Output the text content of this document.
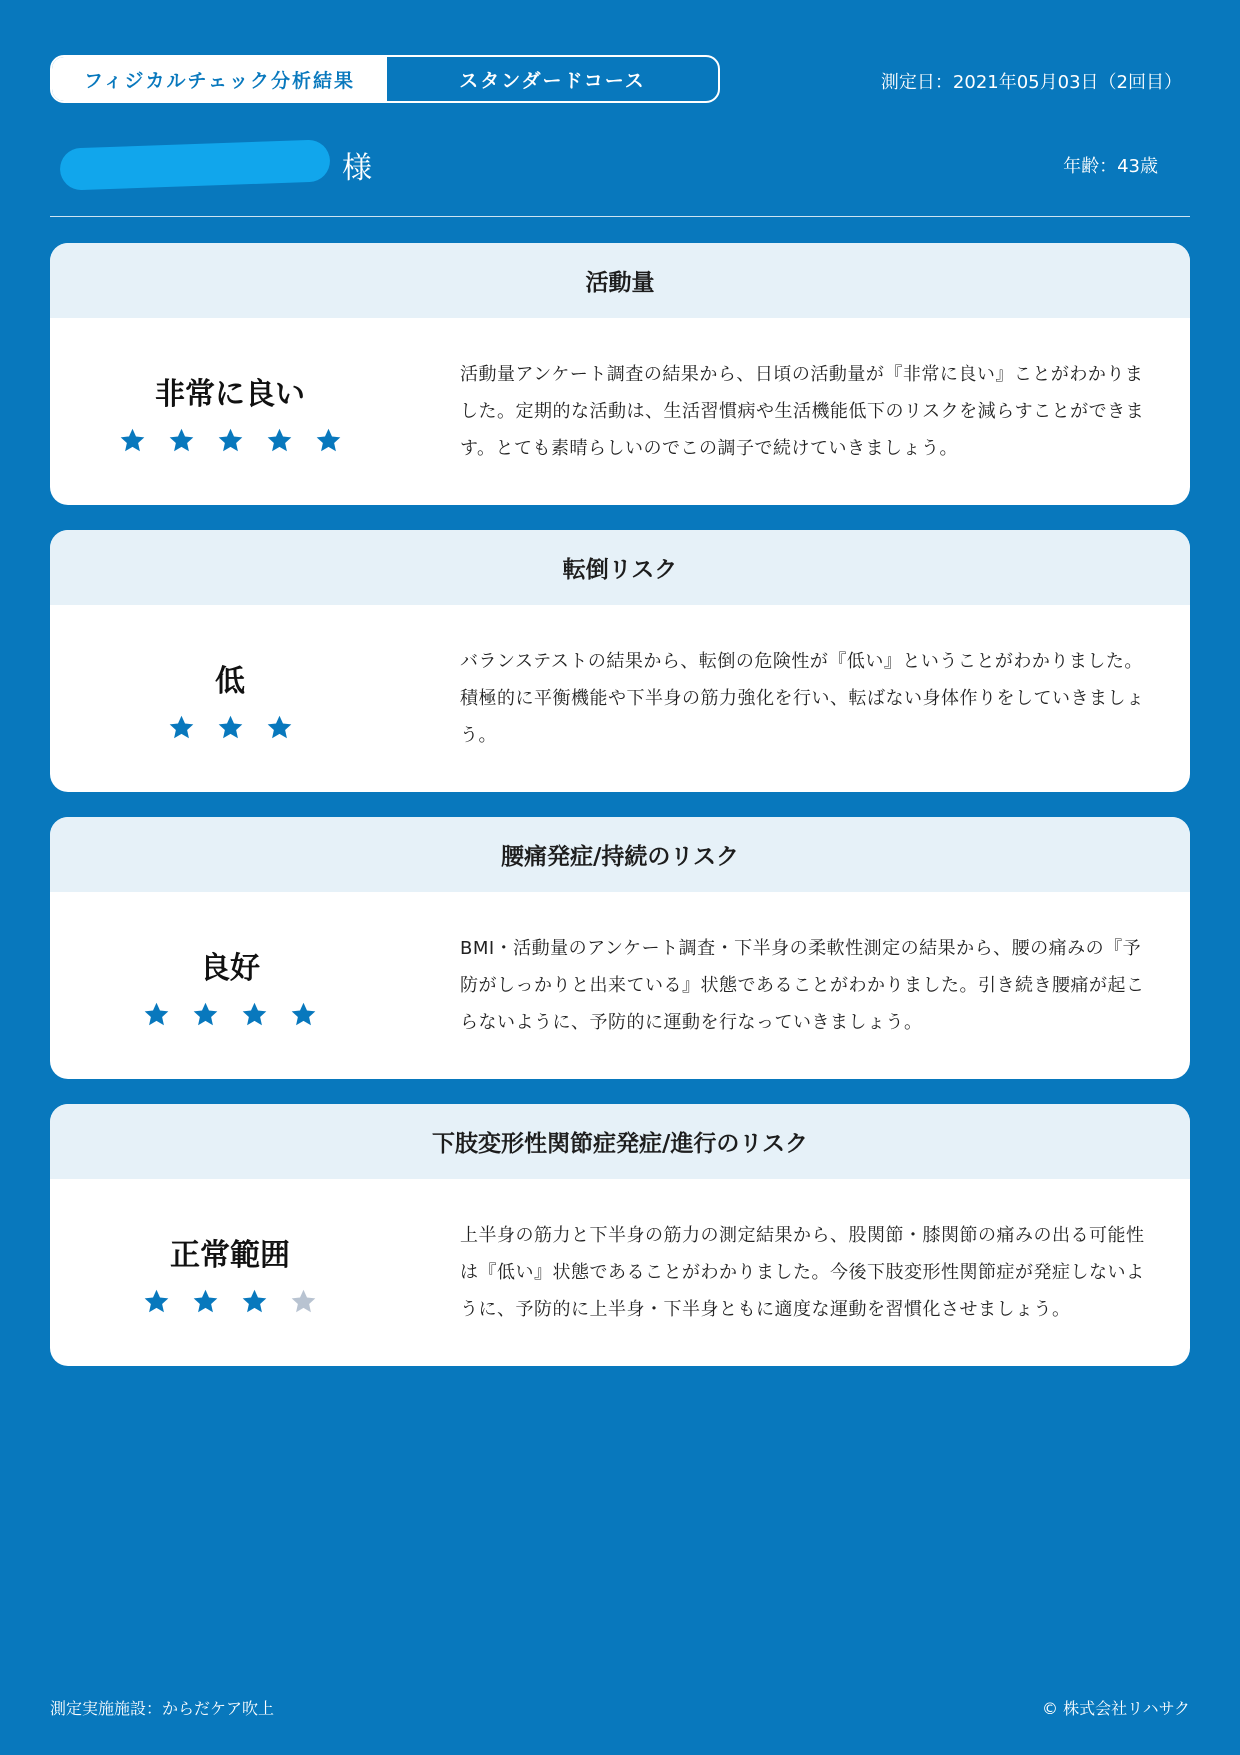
フィジカルチェック分析結果	スタンダードコース	測定日：2021年05月03日（2回目）
様	年齢：43歳
活動量
非常に良い
活動量アンケート調査の結果から、日頃の活動量が『非常に良い』ことがわかりました。定期的な活動は、生活習慣病や生活機能低下のリスクを減らすことができます。とても素晴らしいのでこの調子で続けていきましょう。
転倒リスク
低
バランステストの結果から、転倒の危険性が『低い』ということがわかりました。積極的に平衡機能や下半身の筋力強化を行い、転ばない身体作りをしていきましょう。
腰痛発症/持続のリスク
良好
BMI・活動量のアンケート調査・下半身の柔軟性測定の結果から、腰の痛みの『予防がしっかりと出来ている』状態であることがわかりました。引き続き腰痛が起こらないように、予防的に運動を行なっていきましょう。
下肢変形性関節症発症/進行のリスク
正常範囲
上半身の筋力と下半身の筋力の測定結果から、股関節・膝関節の痛みの出る可能性は『低い』状態であることがわかりました。今後下肢変形性関節症が発症しないように、予防的に上半身・下半身ともに適度な運動を習慣化させましょう。
測定実施施設：からだケア吹上	© 株式会社リハサク
